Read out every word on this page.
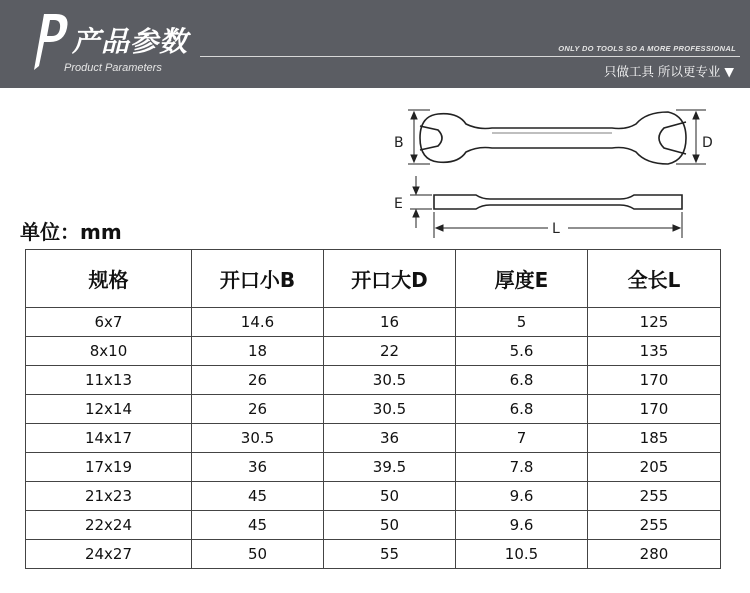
产品参数
Product Parameters
ONLY DO TOOLS SO A MORE PROFESSIONAL
只做工具 所以更专业 ▼
B	D
E
L
单位：mm
规格	开口小B	开口大D	厚度E	全长L
6x7	14.6	16	5	125
8x10	18	22	5.6	135
11x13	26	30.5	6.8	170
12x14	26	30.5	6.8	170
14x17	30.5	36	7	185
17x19	36	39.5	7.8	205
21x23	45	50	9.6	255
22x24	45	50	9.6	255
24x27	50	55	10.5	280
